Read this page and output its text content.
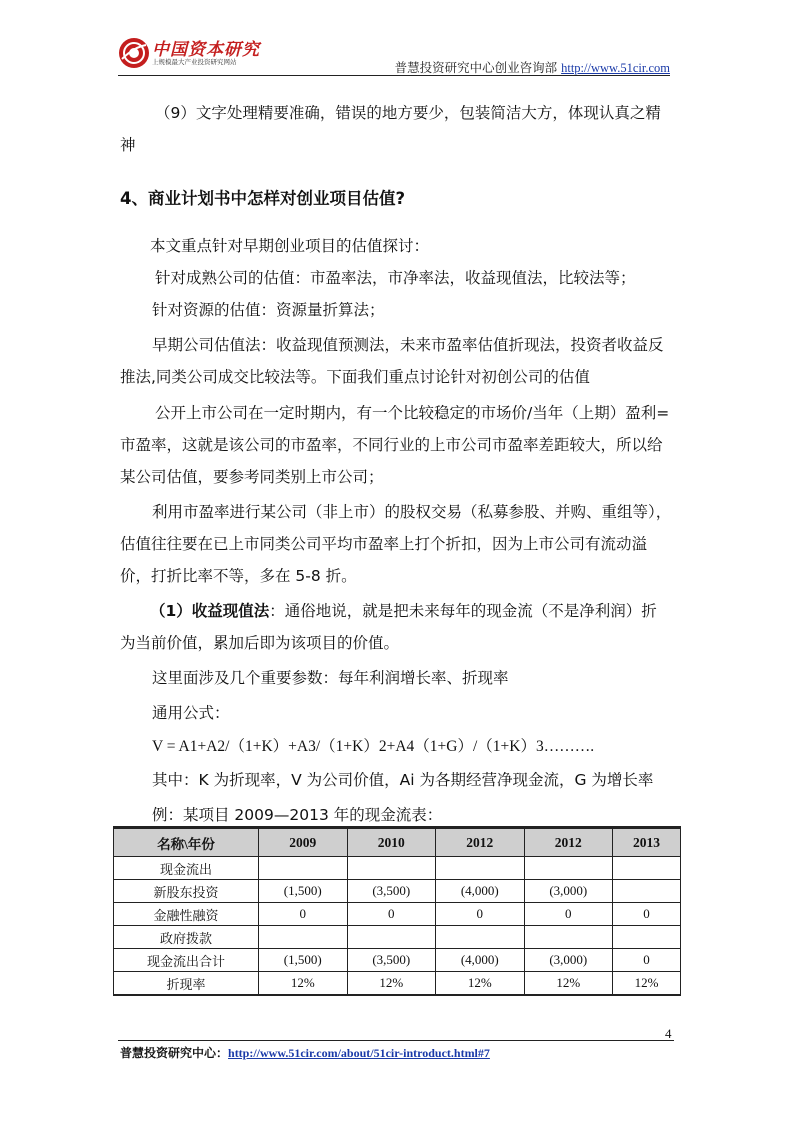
中国资本研究
上规模最大产业投资研究网站	普慧投资研究中心创业咨询部 http://www.51cir.com
（9）文字处理精要准确，错误的地方要少，包装简洁大方，体现认真之精
神
4、商业计划书中怎样对创业项目估值?
本文重点针对早期创业项目的估值探讨：
针对成熟公司的估值：市盈率法，市净率法，收益现值法，比较法等；
针对资源的估值：资源量折算法；
早期公司估值法：收益现值预测法，未来市盈率估值折现法，投资者收益反
推法,同类公司成交比较法等。下面我们重点讨论针对初创公司的估值
公开上市公司在一定时期内，有一个比较稳定的市场价/当年（上期）盈利=
市盈率，这就是该公司的市盈率，不同行业的上市公司市盈率差距较大，所以给
某公司估值，要参考同类别上市公司；
利用市盈率进行某公司（非上市）的股权交易（私募参股、并购、重组等），
估值往往要在已上市同类公司平均市盈率上打个折扣，因为上市公司有流动溢
价，打折比率不等，多在 5-8 折。
（1）收益现值法：通俗地说，就是把未来每年的现金流（不是净利润）折
为当前价值，累加后即为该项目的价值。
这里面涉及几个重要参数：每年利润增长率、折现率
通用公式：
V = A1+A2/（1+K）+A3/（1+K）2+A4（1+G）/（1+K）3……….
其中：K 为折现率，V 为公司价值，Ai 为各期经营净现金流，G 为增长率
例：某项目 2009—2013 年的现金流表：
名称\年份	2009	2010	2012	2012	2013
现金流出					
新股东投资	(1,500)	(3,500)	(4,000)	(3,000)	
金融性融资	0	0	0	0	0
政府拨款					
现金流出合计	(1,500)	(3,500)	(4,000)	(3,000)	0
折现率	12%	12%	12%	12%	12%
4
普慧投资研究中心：http://www.51cir.com/about/51cir-introduct.html#7
